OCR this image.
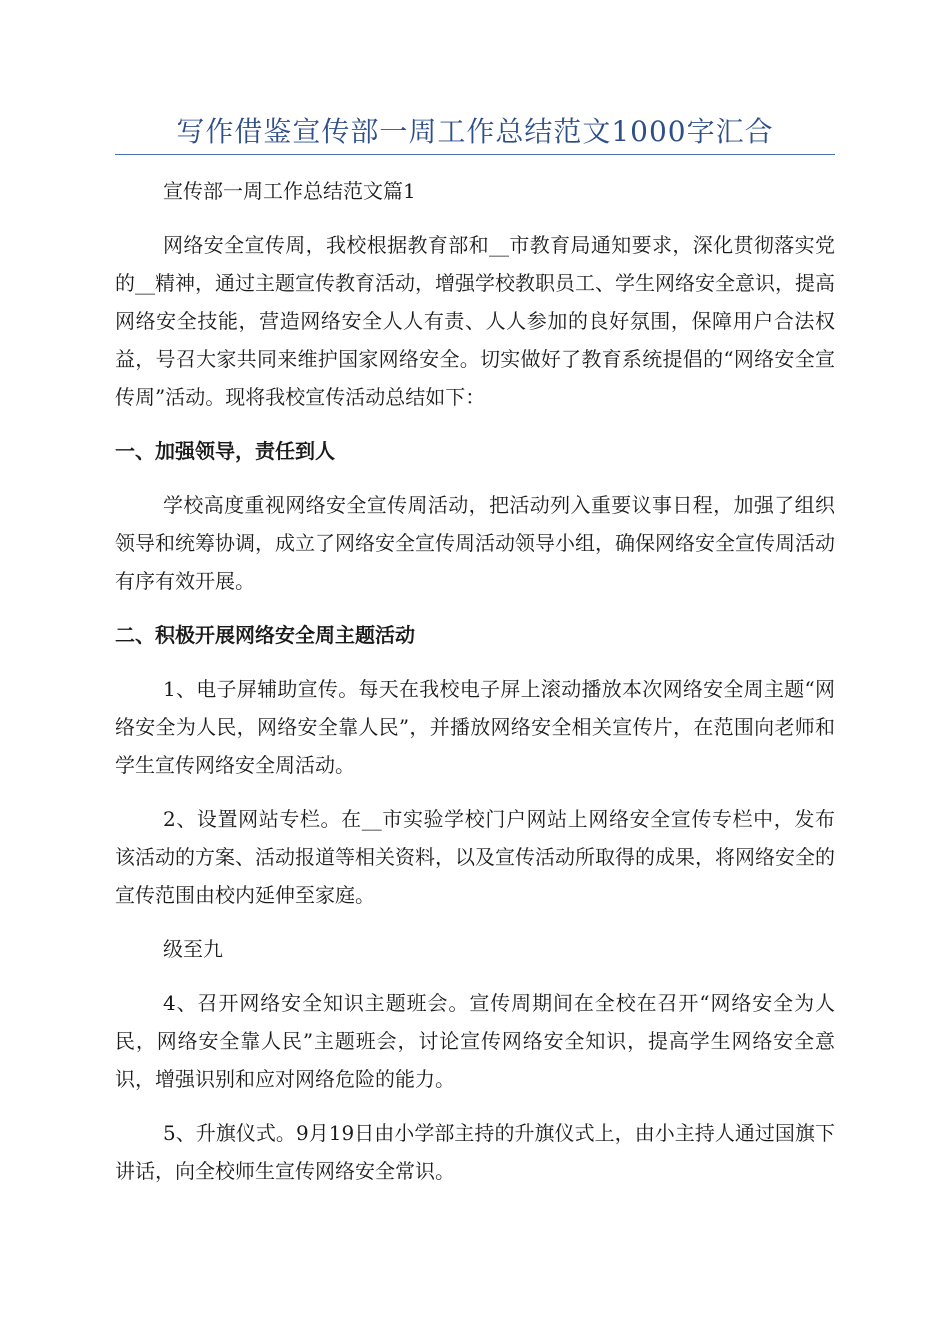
写作借鉴宣传部一周工作总结范文1000字汇合

宣传部一周工作总结范文篇1

网络安全宣传周，我校根据教育部和__市教育局通知要求，深化贯彻落实党的__精神，通过主题宣传教育活动，增强学校教职员工、学生网络安全意识，提高网络安全技能，营造网络安全人人有责、人人参加的良好氛围，保障用户合法权益，号召大家共同来维护国家网络安全。切实做好了教育系统提倡的“网络安全宣传周”活动。现将我校宣传活动总结如下：

一、加强领导，责任到人

学校高度重视网络安全宣传周活动，把活动列入重要议事日程，加强了组织领导和统筹协调，成立了网络安全宣传周活动领导小组，确保网络安全宣传周活动有序有效开展。

二、积极开展网络安全周主题活动

1、电子屏辅助宣传。每天在我校电子屏上滚动播放本次网络安全周主题“网络安全为人民，网络安全靠人民”，并播放网络安全相关宣传片，在范围向老师和学生宣传网络安全周活动。

2、设置网站专栏。在__市实验学校门户网站上网络安全宣传专栏中，发布该活动的方案、活动报道等相关资料，以及宣传活动所取得的成果，将网络安全的宣传范围由校内延伸至家庭。

级至九

4、召开网络安全知识主题班会。宣传周期间在全校在召开“网络安全为人民，网络安全靠人民”主题班会，讨论宣传网络安全知识，提高学生网络安全意识，增强识别和应对网络危险的能力。

5、升旗仪式。9月19日由小学部主持的升旗仪式上，由小主持人通过国旗下讲话，向全校师生宣传网络安全常识。
